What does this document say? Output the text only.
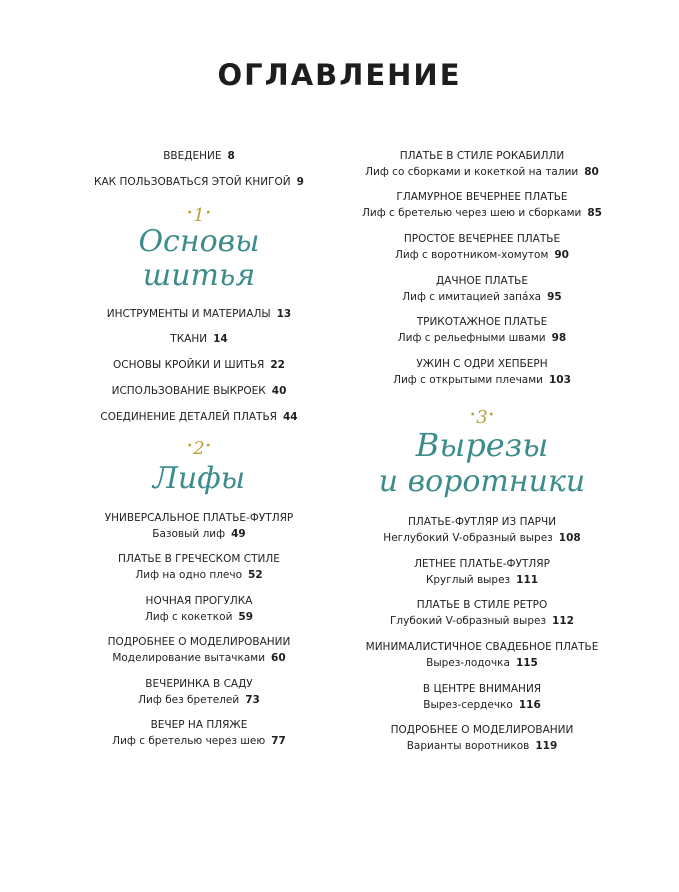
ОГЛАВЛЕНИЕ
ВВЕДЕНИЕ 8
КАК ПОЛЬЗОВАТЬСЯ ЭТОЙ КНИГОЙ 9
·1·
Основы
шитья
ИНСТРУМЕНТЫ И МАТЕРИАЛЫ 13
ТКАНИ 14
ОСНОВЫ КРОЙКИ И ШИТЬЯ 22
ИСПОЛЬЗОВАНИЕ ВЫКРОЕК 40
СОЕДИНЕНИЕ ДЕТАЛЕЙ ПЛАТЬЯ 44
·2·
Лифы
УНИВЕРСАЛЬНОЕ ПЛАТЬЕ-ФУТЛЯР
Базовый лиф 49
ПЛАТЬЕ В ГРЕЧЕСКОМ СТИЛЕ
Лиф на одно плечо 52
НОЧНАЯ ПРОГУЛКА
Лиф с кокеткой 59
ПОДРОБНЕЕ О МОДЕЛИРОВАНИИ
Моделирование вытачками 60
ВЕЧЕРИНКА В САДУ
Лиф без бретелей 73
ВЕЧЕР НА ПЛЯЖЕ
Лиф с бретелью через шею 77
ПЛАТЬЕ В СТИЛЕ РОКАБИЛЛИ
Лиф со сборками и кокеткой на талии 80
ГЛАМУРНОЕ ВЕЧЕРНЕЕ ПЛАТЬЕ
Лиф с бретелью через шею и сборками 85
ПРОСТОЕ ВЕЧЕРНЕЕ ПЛАТЬЕ
Лиф с воротником-хомутом 90
ДАЧНОЕ ПЛАТЬЕ
Лиф с имитацией запáха 95
ТРИКОТАЖНОЕ ПЛАТЬЕ
Лиф с рельефными швами 98
УЖИН С ОДРИ ХЕПБЕРН
Лиф с открытыми плечами 103
·3·
Вырезы
и воротники
ПЛАТЬЕ-ФУТЛЯР ИЗ ПАРЧИ
Неглубокий V-образный вырез 108
ЛЕТНЕЕ ПЛАТЬЕ-ФУТЛЯР
Круглый вырез 111
ПЛАТЬЕ В СТИЛЕ РЕТРО
Глубокий V-образный вырез 112
МИНИМАЛИСТИЧНОЕ СВАДЕБНОЕ ПЛАТЬЕ
Вырез-лодочка 115
В ЦЕНТРЕ ВНИМАНИЯ
Вырез-сердечко 116
ПОДРОБНЕЕ О МОДЕЛИРОВАНИИ
Варианты воротников 119
